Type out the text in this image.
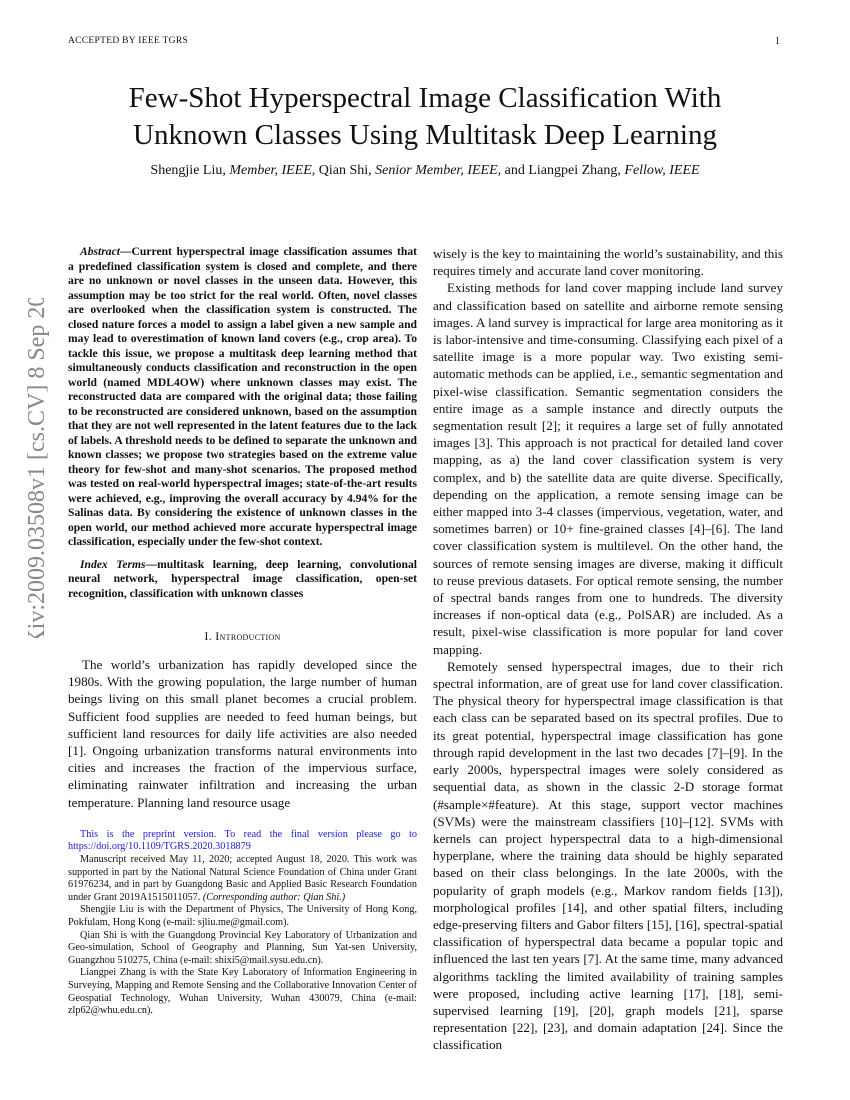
ACCEPTED BY IEEE TGRS	1
arXiv:2009.03508v1 [cs.CV] 8 Sep 2020
Few-Shot Hyperspectral Image Classification With
Unknown Classes Using Multitask Deep Learning
Shengjie Liu, Member, IEEE, Qian Shi, Senior Member, IEEE, and Liangpei Zhang, Fellow, IEEE

Abstract—Current hyperspectral image classification assumes that a predefined classification system is closed and complete, and there are no unknown or novel classes in the unseen data. However, this assumption may be too strict for the real world. Often, novel classes are overlooked when the classification system is constructed. The closed nature forces a model to assign a label given a new sample and may lead to overestimation of known land covers (e.g., crop area). To tackle this issue, we propose a multitask deep learning method that simultaneously conducts classification and reconstruction in the open world (named MDL4OW) where unknown classes may exist. The reconstructed data are compared with the original data; those failing to be reconstructed are considered unknown, based on the assumption that they are not well represented in the latent features due to the lack of labels. A threshold needs to be defined to separate the unknown and known classes; we propose two strategies based on the extreme value theory for few-shot and many-shot scenarios. The proposed method was tested on real-world hyperspectral images; state-of-the-art results were achieved, e.g., improving the overall accuracy by 4.94% for the Salinas data. By considering the existence of unknown classes in the open world, our method achieved more accurate hyperspectral image classification, especially under the few-shot context.

Index Terms—multitask learning, deep learning, convolutional neural network, hyperspectral image classification, open-set recognition, classification with unknown classes

I. Introduction

The world’s urbanization has rapidly developed since the 1980s. With the growing population, the large number of human beings living on this small planet becomes a crucial problem. Sufficient food supplies are needed to feed human beings, but sufficient land resources for daily life activities are also needed [1]. Ongoing urbanization transforms natural environments into cities and increases the fraction of the impervious surface, eliminating rainwater infiltration and increasing the urban temperature. Planning land resource usage

This is the preprint version. To read the final version please go to https://doi.org/10.1109/TGRS.2020.3018879

Manuscript received May 11, 2020; accepted August 18, 2020. This work was supported in part by the National Natural Science Foundation of China under Grant 61976234, and in part by Guangdong Basic and Applied Basic Research Foundation under Grant 2019A1515011057. (Corresponding author: Qian Shi.)

Shengjie Liu is with the Department of Physics, The University of Hong Kong, Pokfulam, Hong Kong (e-mail: sjliu.me@gmail.com).

Qian Shi is with the Guangdong Provincial Key Laboratory of Urbanization and Geo-simulation, School of Geography and Planning, Sun Yat-sen University, Guangzhou 510275, China (e-mail: shixi5@mail.sysu.edu.cn).

Liangpei Zhang is with the State Key Laboratory of Information Engineering in Surveying, Mapping and Remote Sensing and the Collaborative Innovation Center of Geospatial Technology, Wuhan University, Wuhan 430079, China (e-mail: zlp62@whu.edu.cn).

wisely is the key to maintaining the world’s sustainability, and this requires timely and accurate land cover monitoring.

Existing methods for land cover mapping include land survey and classification based on satellite and airborne remote sensing images. A land survey is impractical for large area monitoring as it is labor-intensive and time-consuming. Classifying each pixel of a satellite image is a more popular way. Two existing semi-automatic methods can be applied, i.e., semantic segmentation and pixel-wise classification. Semantic segmentation considers the entire image as a sample instance and directly outputs the segmentation result [2]; it requires a large set of fully annotated images [3]. This approach is not practical for detailed land cover mapping, as a) the land cover classification system is very complex, and b) the satellite data are quite diverse. Specifically, depending on the application, a remote sensing image can be either mapped into 3-4 classes (impervious, vegetation, water, and sometimes barren) or 10+ fine-grained classes [4]–[6]. The land cover classification system is multilevel. On the other hand, the sources of remote sensing images are diverse, making it difficult to reuse previous datasets. For optical remote sensing, the number of spectral bands ranges from one to hundreds. The diversity increases if non-optical data (e.g., PolSAR) are included. As a result, pixel-wise classification is more popular for land cover mapping.

Remotely sensed hyperspectral images, due to their rich spectral information, are of great use for land cover classification. The physical theory for hyperspectral image classification is that each class can be separated based on its spectral profiles. Due to its great potential, hyperspectral image classification has gone through rapid development in the last two decades [7]–[9]. In the early 2000s, hyperspectral images were solely considered as sequential data, as shown in the classic 2-D storage format (#sample×#feature). At this stage, support vector machines (SVMs) were the mainstream classifiers [10]–[12]. SVMs with kernels can project hyperspectral data to a high-dimensional hyperplane, where the training data should be highly separated based on their class belongings. In the late 2000s, with the popularity of graph models (e.g., Markov random fields [13]), morphological profiles [14], and other spatial filters, including edge-preserving filters and Gabor filters [15], [16], spectral-spatial classification of hyperspectral data became a popular topic and influenced the last ten years [7]. At the same time, many advanced algorithms tackling the limited availability of training samples were proposed, including active learning [17], [18], semi-supervised learning [19], [20], graph models [21], sparse representation [22], [23], and domain adaptation [24]. Since the classification
